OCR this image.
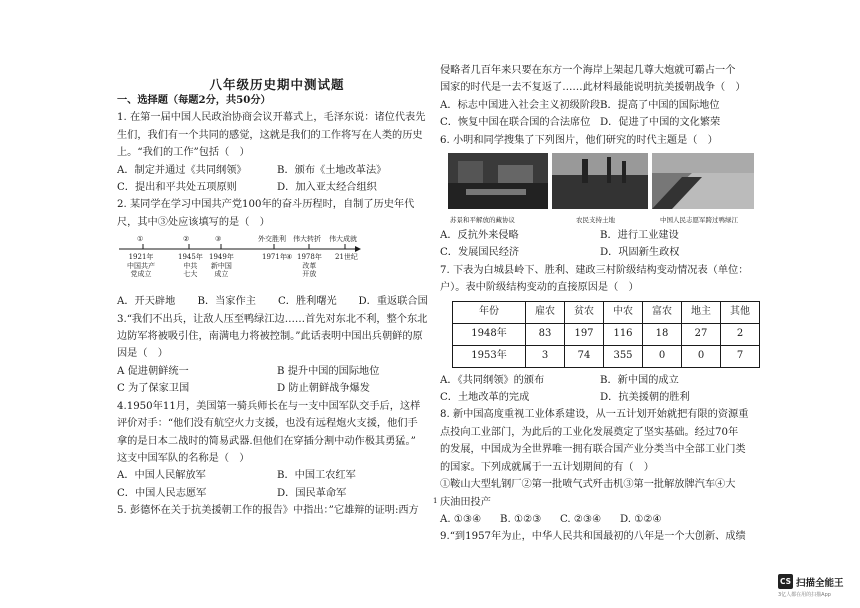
八年级历史期中测试题
一、选择题（每题2分，共50分）
1. 在第一届中国人民政治协商会议开幕式上，毛泽东说：诸位代表先
生们，我们有一个共同的感觉，这就是我们的工作将写在人类的历史
上。“我们的工作”包括（　）
A．制定并通过《共同纲领》	B．颁布《土地改革法》
C．提出和平共处五项原则	D．加入亚太经合组织
2. 某同学在学习中国共产党100年的奋斗历程时，自制了历史年代
尺，其中③处应该填写的是（　）
①	②	③	外交胜利 伟大转折 伟大成就
1921年
中国共产
党成立
1945年
中共
七大
1949年
新中国
成立
1971年 1978年
改革
开放
21世纪
④
A．开天辟地	B．当家作主	C．胜利曙光	D．重返联合国
3.“我们不出兵，让敌人压至鸭绿江边……首先对东北不利，整个东北
边防军将被吸引住，南满电力将被控制。”此话表明中国出兵朝鲜的原
因是（　）
A 促进朝鲜统一	B 提升中国的国际地位
C 为了保家卫国	D 防止朝鲜战争爆发
4.1950年11月，美国第一骑兵师长在与一支中国军队交手后，这样
评价对手：“他们没有航空火力支援，也没有远程炮火支援，他们手
拿的是日本二战时的简易武器.但他们在穿插分割中动作极其勇猛。”
这支中国军队的名称是（　）
A．中国人民解放军	B．中国工农红军
C．中国人民志愿军	D．国民革命军
5. 彭德怀在关于抗美援朝工作的报告》中指出：”它雄辩的证明:西方
侵略者几百年来只要在东方一个海岸上架起几尊大炮就可霸占一个
国家的时代是一去不复返了……此材料最能说明抗美援朝战争（　）
A．标志中国进入社会主义初级阶段 B．提高了中国的国际地位
C．恢复中国在联合国的合法席位 D．促进了中国的文化繁荣
6. 小明和同学搜集了下列图片，他们研究的时代主题是（　）
苏景和平解放的藏协议	农民支持土地	中国人民志愿军跨过鸭绿江
A．反抗外来侵略	B．进行工业建设
C．发展国民经济	D．巩固新生政权
7. 下表为白城县岭下、胜利、建政三村阶级结构变动情况表（单位：
户）。表中阶级结构变动的直接原因是（　）
年份	雇农	贫农	中农	富农	地主	其他
1948年	83	197	116	18	27	2
1953年	3	74	355	0	0	7
A．《共同纲领》的颁布	B．新中国的成立
C．土地改革的完成	D．抗美援朝的胜利
8. 新中国高度重视工业体系建设，从一五计划开始就把有限的资源重
点投向工业部门，为此后的工业化发展奠定了坚实基础。经过70年
的发展，中国成为全世界唯一拥有联合国产业分类当中全部工业门类
的国家。下列成就属于一五计划期间的有（　）
①鞍山大型轧钢厂②第一批喷气式歼击机③第一批解放牌汽车④大
庆油田投产
A. ①③④	B. ①②③	C. ②③④	D. ①②④
9.“到1957年为止，中华人民共和国最初的八年是一个大创新、成绩
1
CS 扫描全能王
3亿人都在用的扫描App
